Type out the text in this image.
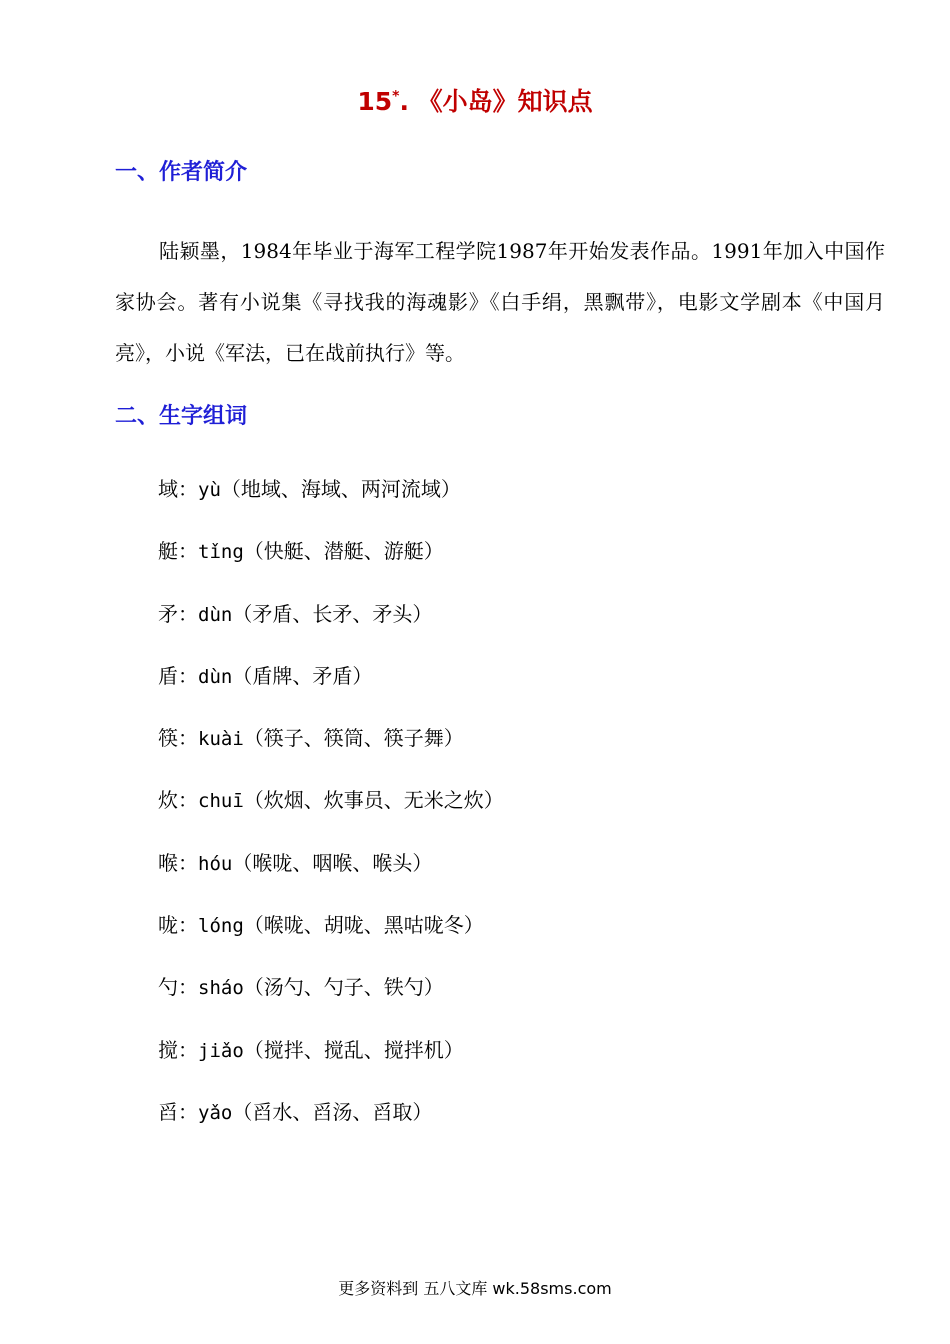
15*. 《小岛》知识点
一、作者简介

陆颖墨，1984年毕业于海军工程学院1987年开始发表作品。1991年加入中国作家协会。著有小说集《寻找我的海魂影》《白手绢，黑飘带》，电影文学剧本《中国月亮》，小说《军法，已在战前执行》等。

二、生字组词
域：yù（地域、海域、两河流域）
艇：tǐng（快艇、潜艇、游艇）
矛：dùn（矛盾、长矛、矛头）
盾：dùn（盾牌、矛盾）
筷：kuài（筷子、筷筒、筷子舞）
炊：chuī（炊烟、炊事员、无米之炊）
喉：hóu（喉咙、咽喉、喉头）
咙：lóng（喉咙、胡咙、黑咕咙冬）
勺：sháo（汤勺、勺子、铁勺）
搅：jiǎo（搅拌、搅乱、搅拌机）
舀：yǎo（舀水、舀汤、舀取）

更多资料到 五八文库 wk.58sms.com
